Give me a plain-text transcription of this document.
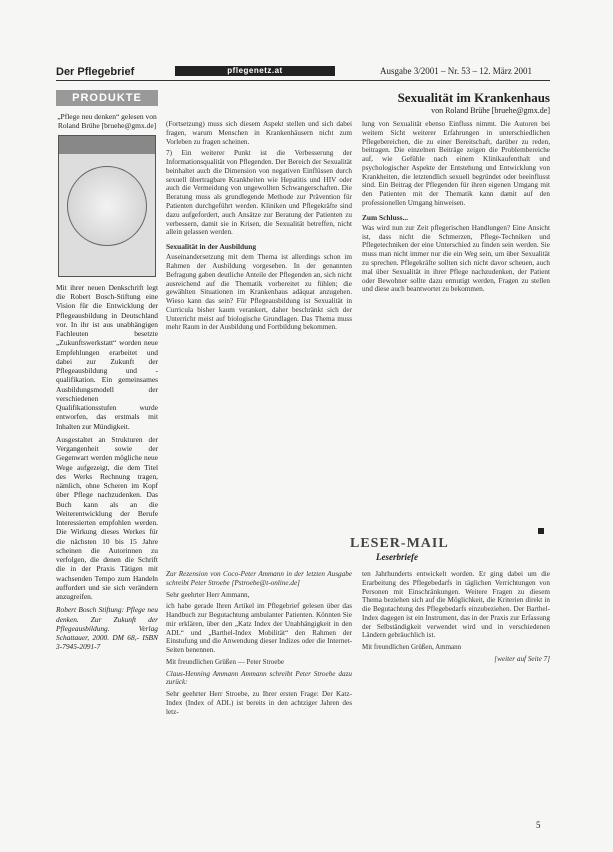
Der Pflegebrief	pflegenetz.at	Ausgabe 3/2001 – Nr. 53 – 12. März 2001
PRODUKTE
„Pflege neu denken“ gelesen von Roland Brühe [bruehe@gmx.de]

Mit ihrer neuen Denkschrift legt die Robert Bosch-Stiftung eine Vision für die Entwicklung der Pflegeausbildung in Deutschland vor. In ihr ist aus unabhängigen Fachleuten besetzte „Zukunftswerkstatt“ worden neue Empfehlungen erarbeitet und dabei zur Zukunft der Pflegeausbildung und -qualifikation. Ein gemeinsames Ausbildungsmodell der verschiedenen Qualifikationsstufen wurde entworfen, das erstmals mit Inhalten zur Mündigkeit.

Ausgestaltet an Strukturen der Vergangenheit sowie der Gegenwart werden mögliche neue Wege aufgezeigt, die dem Titel des Werks Rechnung tragen, nämlich, ohne Scheren im Kopf über Pflege nachzudenken. Das Buch kann als an die Weiterentwicklung der Berufe Interessierten empfohlen werden. Die Wirkung dieses Werkes für die nächsten 10 bis 15 Jahre scheinen die Autorinnen zu verfolgen, die denen die Schrift die in der Praxis Tätigen mit wachsenden Tempo zum Handeln auffordert und sie sich verändern anzugreifen.

Robert Bosch Stiftung: Pflege neu denken. Zur Zukunft der Pflegeausbildung. Verlag Schattauer, 2000. DM 68,- ISBN 3-7945-2091-7

Sexualität im Krankenhaus
von Roland Brühe [bruehe@gmx.de]

(Fortsetzung) muss sich diesem Aspekt stellen und sich dabei fragen, warum Menschen in Krankenhäusern nicht zum Vorleben zu fragen scheinen.

7) Ein weiterer Punkt ist die Verbesserung der Informationsqualität von Pflegenden. Der Bereich der Sexualität beinhaltet auch die Dimension von negativen Einflüssen durch sexuell übertragbare Krankheiten wie Hepatitis und HIV oder auch die Vermeidung von ungewollten Schwangerschaften. Die Beratung muss als grundlegende Methode zur Prävention für Patienten durchgeführt werden. Kliniken und Pflegekräfte sind dazu aufgefordert, auch Ansätze zur Beratung der Patienten zu verbessern, damit sie in Krisen, die Sexualität betreffen, nicht allein gelassen werden.

Sexualität in der Ausbildung

Auseinandersetzung mit dem Thema ist allerdings schon im Rahmen der Ausbildung vorgesehen. In der genannten Befragung gaben deutliche Anteile der Pflegenden an, sich nicht ausreichend auf die Thematik vorbereitet zu fühlen; die gewählten Situationen im Krankenhaus adäquat anzugehen. Wieso kann das sein? Für Pflegeausbildung ist Sexualität in Curricula bisher kaum verankert, daher beschränkt sich der Unterricht meist auf biologische Grundlagen. Das Thema muss mehr Raum in der Ausbildung und Fortbildung bekommen.

lung von Sexualität ebenso Einfluss nimmt. Die Autoren bei weitem Sicht weiterer Erfahrungen in unterschiedlichen Pflegebereichen, die zu einer Bereitschaft, darüber zu reden, beitragen. Die einzelnen Beiträge zeigen die Problembereiche auf, wie Gefühle nach einem Klinikaufenthalt und psychologischer Aspekte der Entstehung und Entwicklung von Krankheiten, die letztendlich sexuell begründet oder beeinflusst sind. Ein Beitrag der Pflegenden für ihren eigenen Umgang mit den Patienten mit der Thematik kann damit auf den professionellen Umgang hinweisen.

Zum Schluss...

Was wird nun zur Zeit pflegerischen Handlungen? Eine Ansicht ist, dass nicht die Schmerzen, Pflege-Techniken und Pflegetechniken der eine Unterschied zu finden sein werden. Sie muss man nicht immer nur die ein Weg sein, um über Sexualität zu sprechen. Pflegekräfte sollten sich nicht davor scheuen, auch mal über Sexualität in ihrer Pflege nachzudenken, der Patient oder Bewohner sollte dazu ermutigt werden, Fragen zu stellen und diese auch beantwortet zu bekommen.

LESER-MAIL
Leserbriefe

Zur Rezension von Coco-Peter Ammann in der letzten Ausgabe schreibt Peter Stroebe [Pstroebe@t-online.de]

Sehr geehrter Herr Ammann,

ich habe gerade Ihren Artikel im Pflegebrief gelesen über das Handbuch zur Begutachtung ambulanter Patienten. Könnten Sie mir erklären, über den „Katz Index der Unabhängigkeit in den ADL“ und „Barthel-Index Mobilität“ den Rahmen der Einstufung und die Anwendung dieser Indizes oder die Internet-Seiten benennen.

Mit freundlichen Grüßen — Peter Stroebe

Claus-Henning Ammann Ammann schreibt Peter Stroebe dazu zurück:

Sehr geehrter Herr Stroebe, zu Ihrer ersten Frage: Der Katz-Index (Index of ADL) ist bereits in den achtziger Jahren des letz-

ten Jahrhunderts entwickelt worden. Er ging dabei um die Erarbeitung des Pflegebedarfs in täglichen Verrichtungen von Personen mit Einschränkungen. Weitere Fragen zu diesem Thema beziehen sich auf die Möglichkeit, die Kriterien direkt in die Begutachtung des Pflegebedarfs einzubeziehen. Der Barthel-Index dagegen ist ein Instrument, das in der Praxis zur Erfassung der Selbständigkeit verwendet wird und in verschiedenen Ländern gebräuchlich ist.

Mit freundlichen Grüßen, Ammann

[weiter auf Seite 7]

5
